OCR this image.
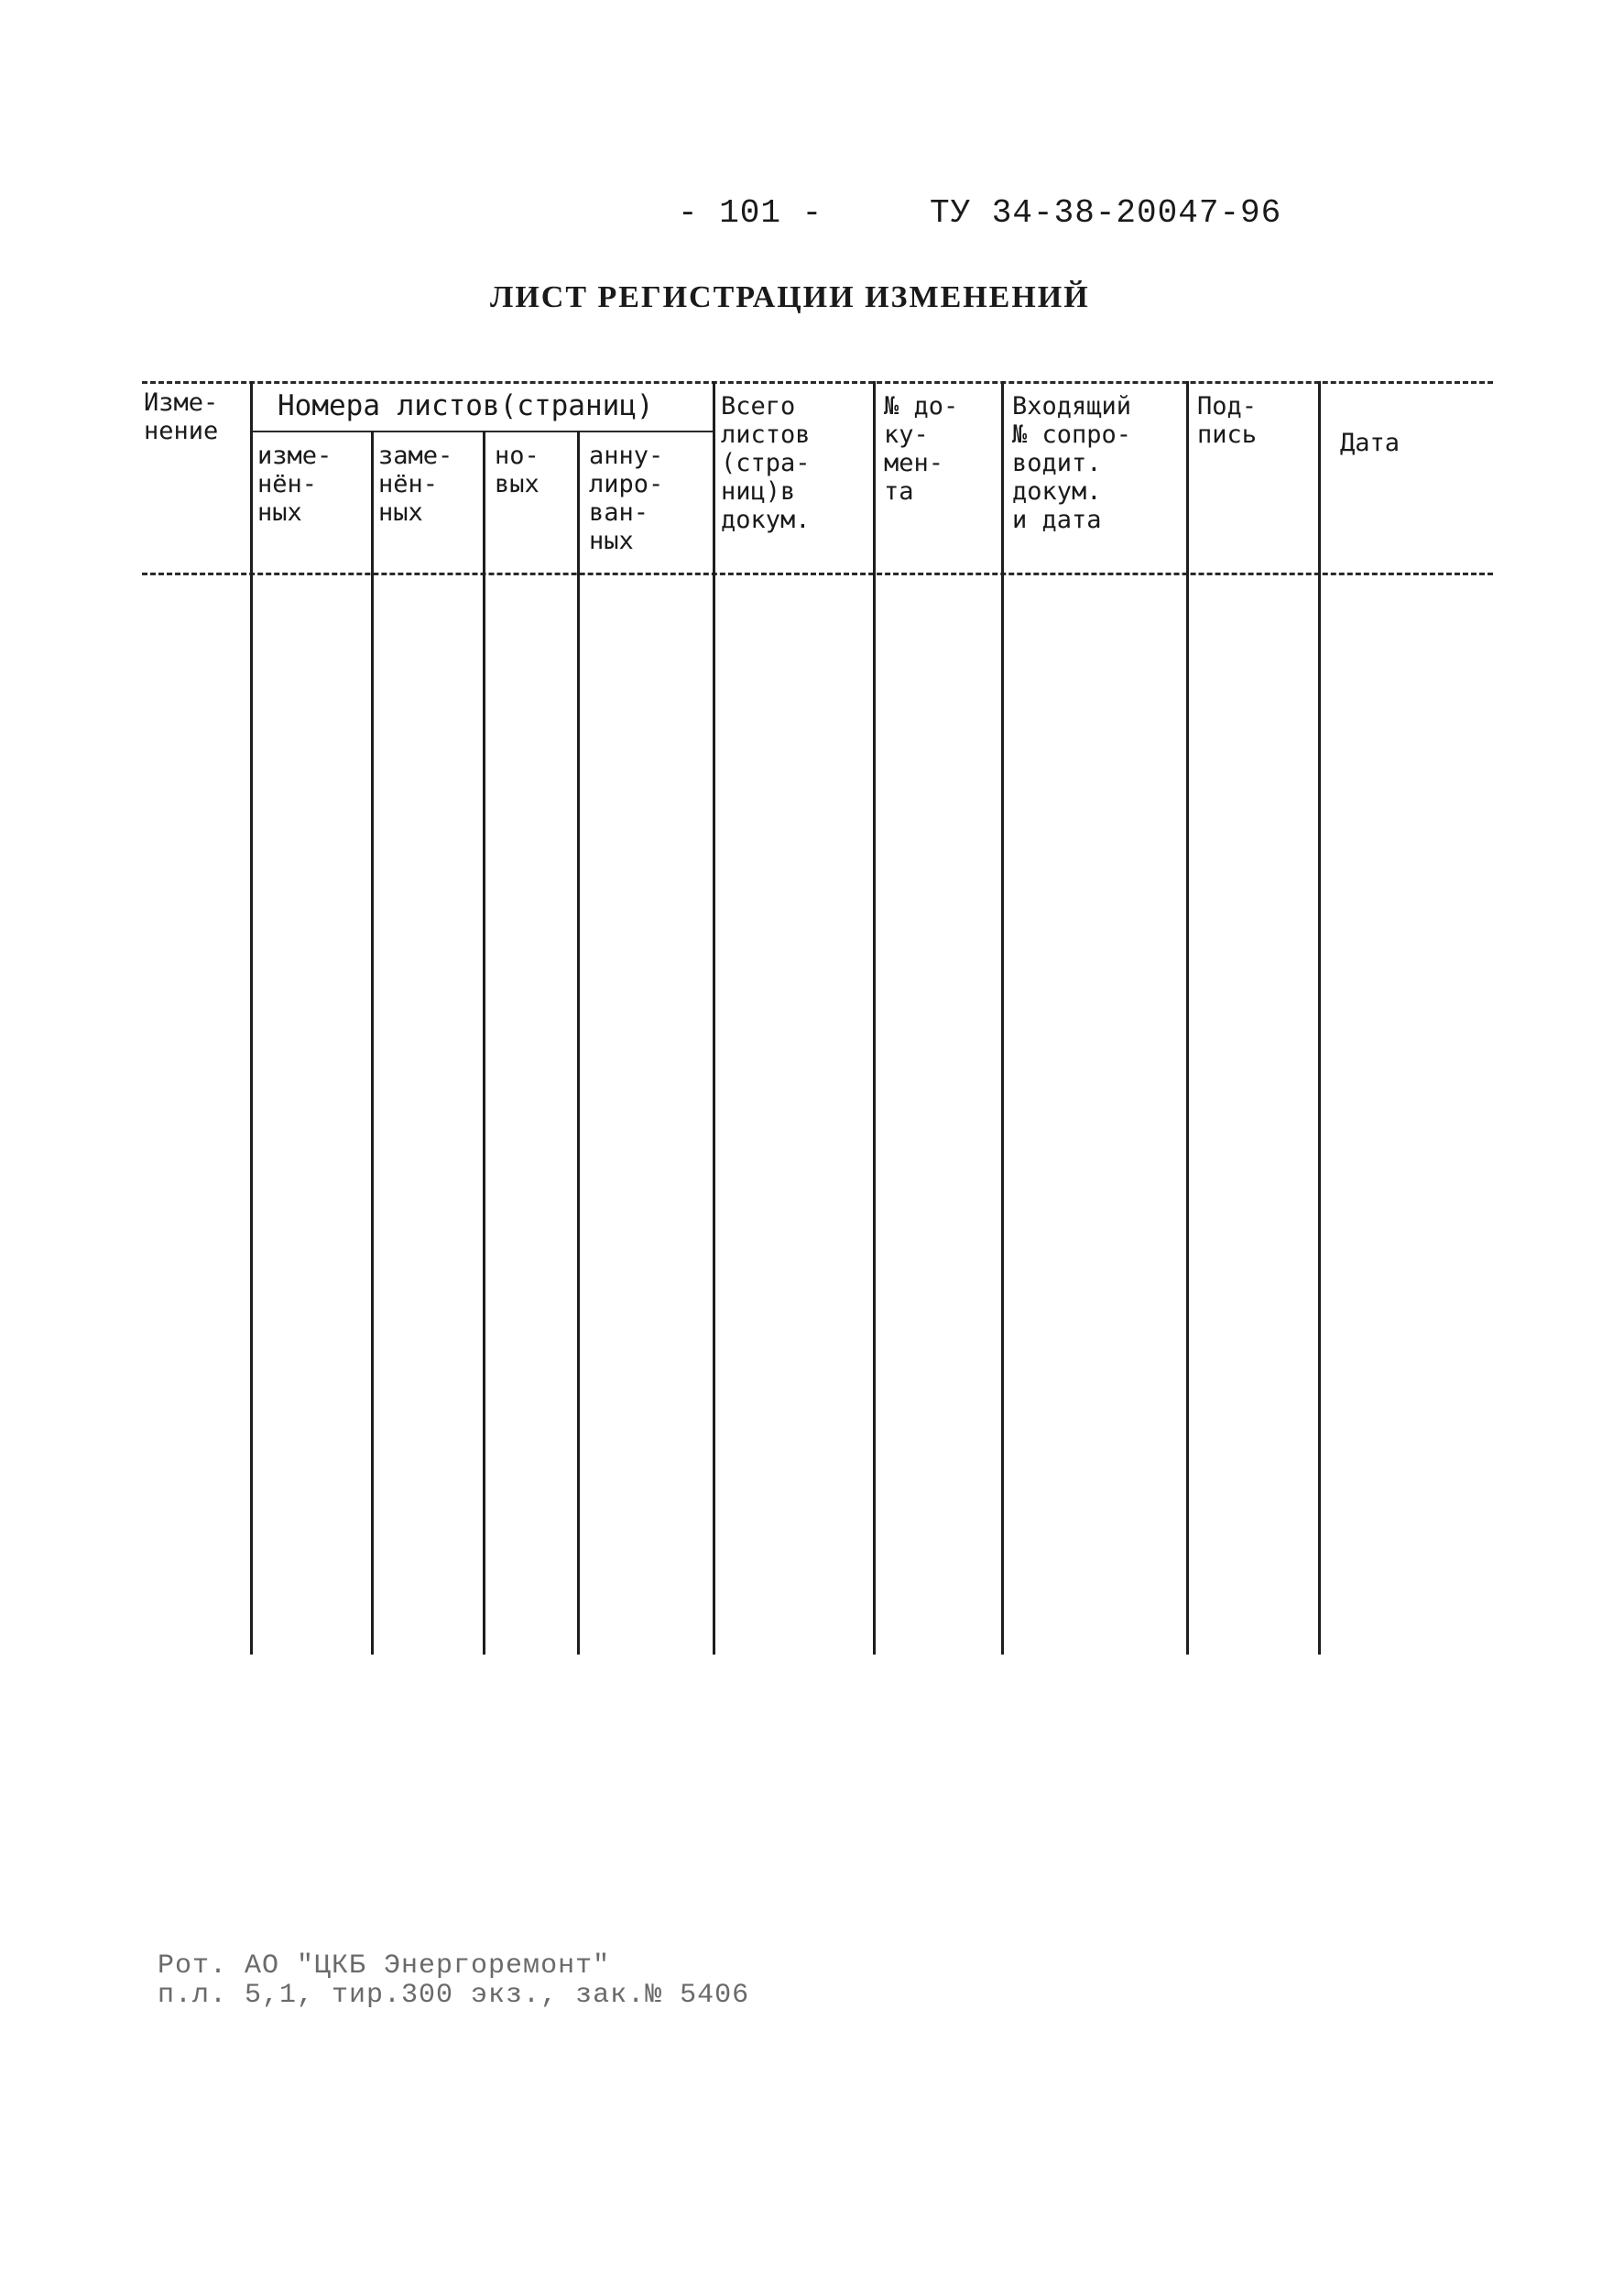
- 101 -	ТУ 34-38-20047-96
ЛИСТ РЕГИСТРАЦИИ ИЗМЕНЕНИЙ
Изме-
нение
Номера листов(страниц)
изме-
нён-
ных
заме-
нён-
ных
но-
вых
анну-
лиро-
ван-
ных
Всего
листов
(стра-
ниц)в
докум.
№ до-
ку-
мен-
та
Входящий
№ сопро-
водит.
докум.
и дата
Под-
пись	Дата
Рот. АО "ЦКБ Энергоремонт"
п.л. 5,1, тир.300 экз., зак.№ 5406
